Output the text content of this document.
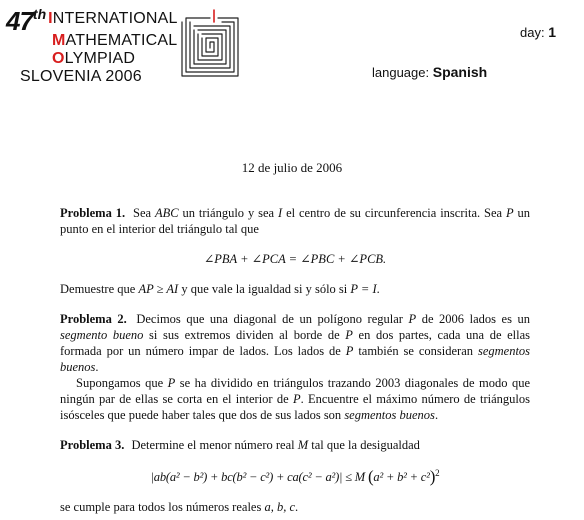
47 th INTERNATIONAL
MATHEMATICAL
OLYMPIAD
SLOVENIA 2006	language: Spanish
day: 1
12 de julio de 2006

Problema 1. Sea ABC un triángulo y sea I el centro de su circunferencia inscrita. Sea P un punto en el interior del triángulo tal que

∠PBA + ∠PCA = ∠PBC + ∠PCB.

Demuestre que AP ≥ AI y que vale la igualdad si y sólo si P = I.

Problema 2. Decimos que una diagonal de un polígono regular P de 2006 lados es un segmento bueno si sus extremos dividen al borde de P en dos partes, cada una de ellas formada por un número impar de lados. Los lados de P también se consideran segmentos buenos.

Supongamos que P se ha dividido en triángulos trazando 2003 diagonales de modo que ningún par de ellas se corta en el interior de P. Encuentre el máximo número de triángulos isósceles que puede haber tales que dos de sus lados son segmentos buenos.

Problema 3. Determine el menor número real M tal que la desigualdad

|ab(a² − b²) + bc(b² − c²) + ca(c² − a²)| ≤ M $(a^2 + b^2 + c^2)^2$

se cumple para todos los números reales a, b, c.
